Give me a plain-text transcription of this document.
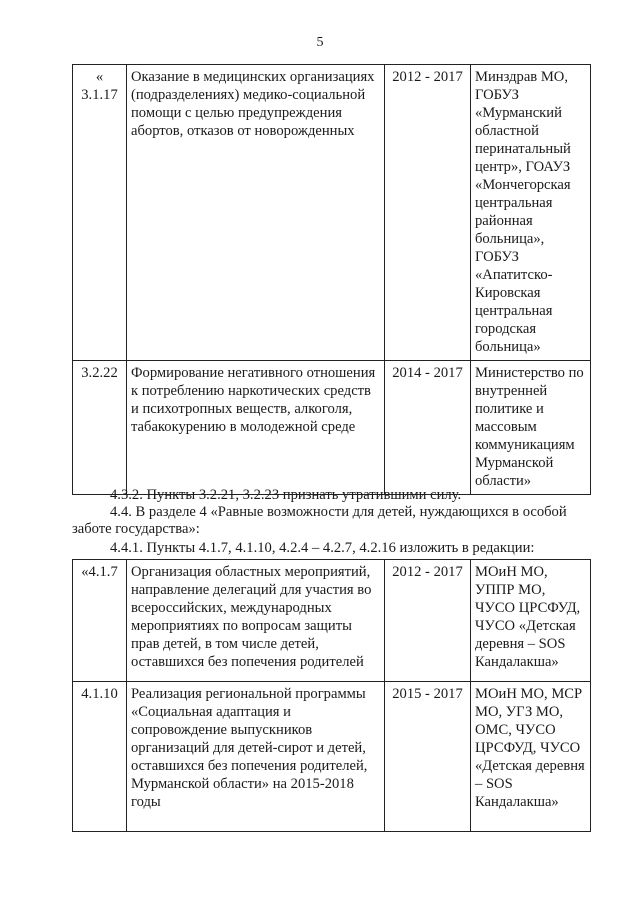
5
« 3.1.17	Оказание в медицинских организациях (подразделениях) медико-социальной помощи с целью предупреждения абортов, отказов от новорожденных	2012 - 2017	Минздрав МО, ГОБУЗ «Мурманский областной перинатальный центр», ГОАУЗ «Мончегорская центральная районная больница», ГОБУЗ «Апатитско-Кировская центральная городская больница»
3.2.22	Формирование негативного отношения к потреблению наркотических средств и психотропных веществ, алкоголя, табакокурению в молодежной среде	2014 - 2017	Министерство по внутренней политике и массовым коммуникациям Мурманской области»
4.3.2. Пункты 3.2.21, 3.2.23 признать утратившими силу.
4.4. В разделе 4 «Равные возможности для детей, нуждающихся в особой заботе государства»:
4.4.1. Пункты 4.1.7, 4.1.10, 4.2.4 – 4.2.7, 4.2.16 изложить в редакции:
«4.1.7	Организация областных мероприятий, направление делегаций для участия во всероссийских, международных мероприятиях по вопросам защиты прав детей, в том числе детей, оставшихся без попечения родителей	2012 - 2017	МОиН МО, УППР МО, ЧУСО ЦРСФУД, ЧУСО «Детская деревня – SOS Кандалакша»
4.1.10	Реализация региональной программы «Социальная адаптация и сопровождение выпускников организаций для детей-сирот и детей, оставшихся без попечения родителей, Мурманской области» на 2015-2018 годы	2015 - 2017	МОиН МО, МСР МО, УГЗ МО, ОМС, ЧУСО ЦРСФУД, ЧУСО «Детская деревня – SOS Кандалакша»
